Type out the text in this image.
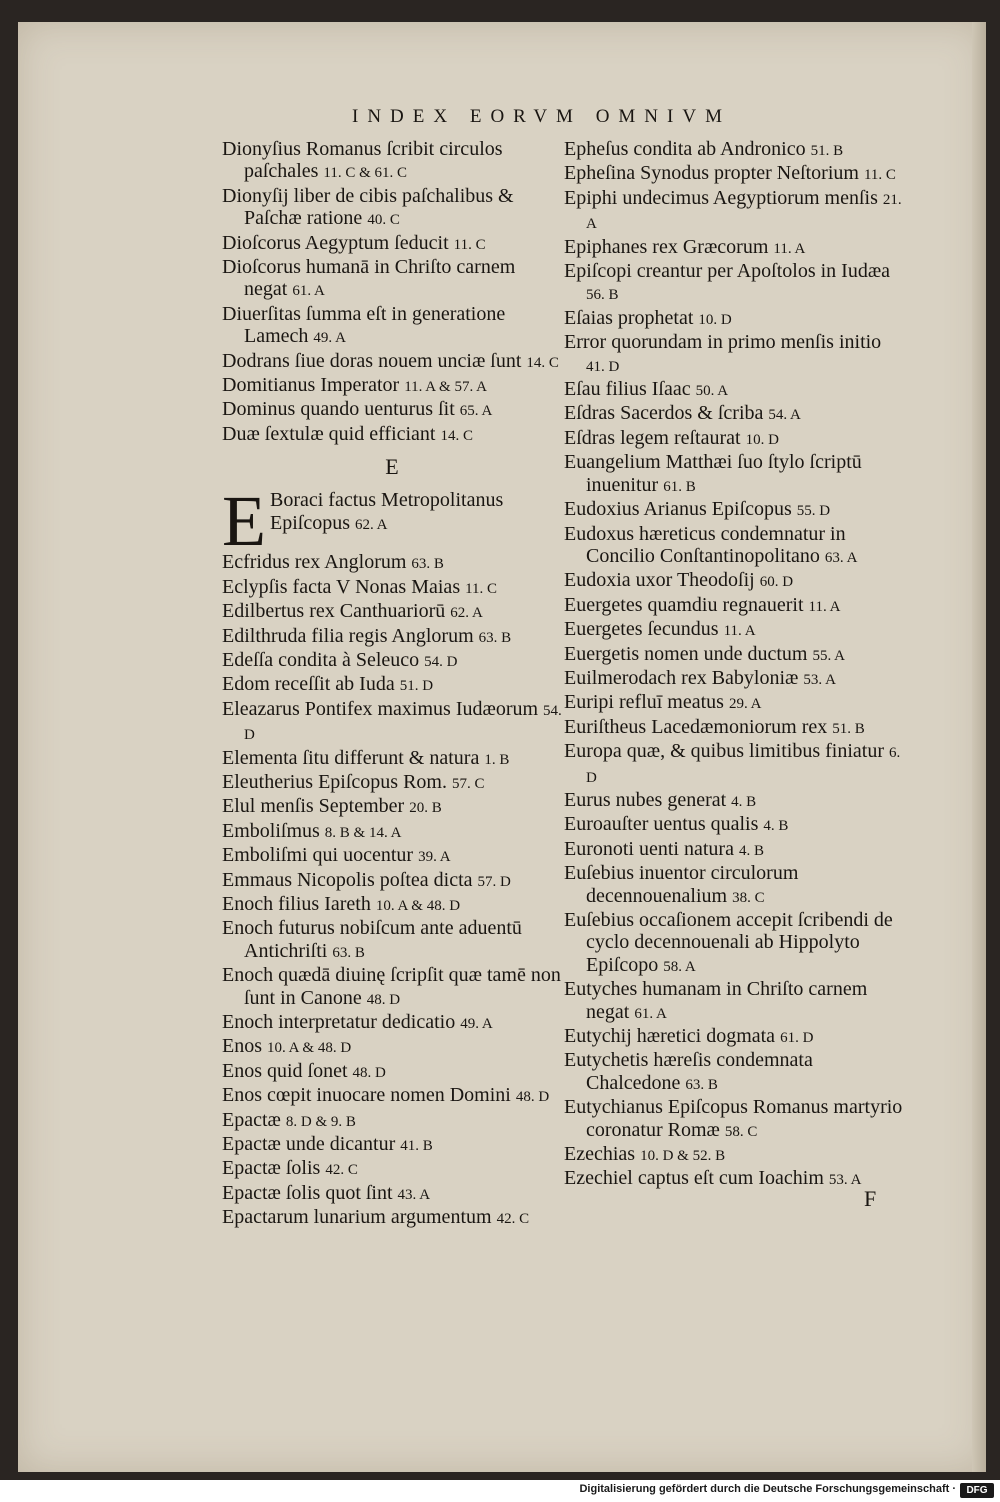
INDEX EORVM OMNIVM

Dionyſius Romanus ſcribit circulos paſchales 11. C & 61. C

Dionyſij liber de cibis paſchalibus & Paſchæ ratione 40. C

Dioſcorus Aegyptum ſeducit 11. C

Dioſcorus humanā in Chriſto carnem negat 61. A

Diuerſitas ſumma eſt in generatione Lamech 49. A

Dodrans ſiue doras nouem unciæ ſunt 14. C

Domitianus Imperator 11. A & 57. A

Dominus quando uenturus ſit 65. A

Duæ ſextulæ quid efficiant 14. C

E

E Boraci factus Metropolitanus Epiſcopus 62. A

Ecfridus rex Anglorum 63. B

Eclypſis facta V Nonas Maias 11. C

Edilbertus rex Canthuariorū 62. A

Edilthruda filia regis Anglorum 63. B

Edeſſa condita à Seleuco 54. D

Edom receſſit ab Iuda 51. D

Eleazarus Pontifex maximus Iudæorum 54. D

Elementa ſitu differunt & natura 1. B

Eleutherius Epiſcopus Rom. 57. C

Elul menſis September 20. B

Emboliſmus 8. B & 14. A

Emboliſmi qui uocentur 39. A

Emmaus Nicopolis poſtea dicta 57. D

Enoch filius Iareth 10. A & 48. D

Enoch futurus nobiſcum ante aduentū Antichriſti 63. B

Enoch quædā diuinę ſcripſit quæ tamē non ſunt in Canone 48. D

Enoch interpretatur dedicatio 49. A

Enos 10. A & 48. D

Enos quid ſonet 48. D

Enos cœpit inuocare nomen Domini 48. D

Epactæ 8. D & 9. B

Epactæ unde dicantur 41. B

Epactæ ſolis 42. C

Epactæ ſolis quot ſint 43. A

Epactarum lunarium argumentum 42. C

Epheſus condita ab Andronico 51. B

Epheſina Synodus propter Neſtorium 11. C

Epiphi undecimus Aegyptiorum menſis 21. A

Epiphanes rex Græcorum 11. A

Epiſcopi creantur per Apoſtolos in Iudæa 56. B

Eſaias prophetat 10. D

Error quorundam in primo menſis initio 41. D

Eſau filius Iſaac 50. A

Eſdras Sacerdos & ſcriba 54. A

Eſdras legem reſtaurat 10. D

Euangelium Matthæi ſuo ſtylo ſcriptū inuenitur 61. B

Eudoxius Arianus Epiſcopus 55. D

Eudoxus hæreticus condemnatur in Concilio Conſtantinopolitano 63. A

Eudoxia uxor Theodoſij 60. D

Euergetes quamdiu regnauerit 11. A

Euergetes ſecundus 11. A

Euergetis nomen unde ductum 55. A

Euilmerodach rex Babyloniæ 53. A

Euripi refluī meatus 29. A

Euriſtheus Lacedæmoniorum rex 51. B

Europa quæ, & quibus limitibus finiatur 6. D

Eurus nubes generat 4. B

Euroauſter uentus qualis 4. B

Euronoti uenti natura 4. B

Euſebius inuentor circulorum decennouenalium 38. C

Euſebius occaſionem accepit ſcribendi de cyclo decennouenali ab Hippolyto Epiſcopo 58. A

Eutyches humanam in Chriſto carnem negat 61. A

Eutychij hæretici dogmata 61. D

Eutychetis hæreſis condemnata Chalcedone 63. B

Eutychianus Epiſcopus Romanus martyrio coronatur Romæ 58. C

Ezechias 10. D & 52. B

Ezechiel captus eſt cum Ioachim 53. A

F
Digitalisierung gefördert durch die Deutsche Forschungsgemeinschaft ·	DFG
